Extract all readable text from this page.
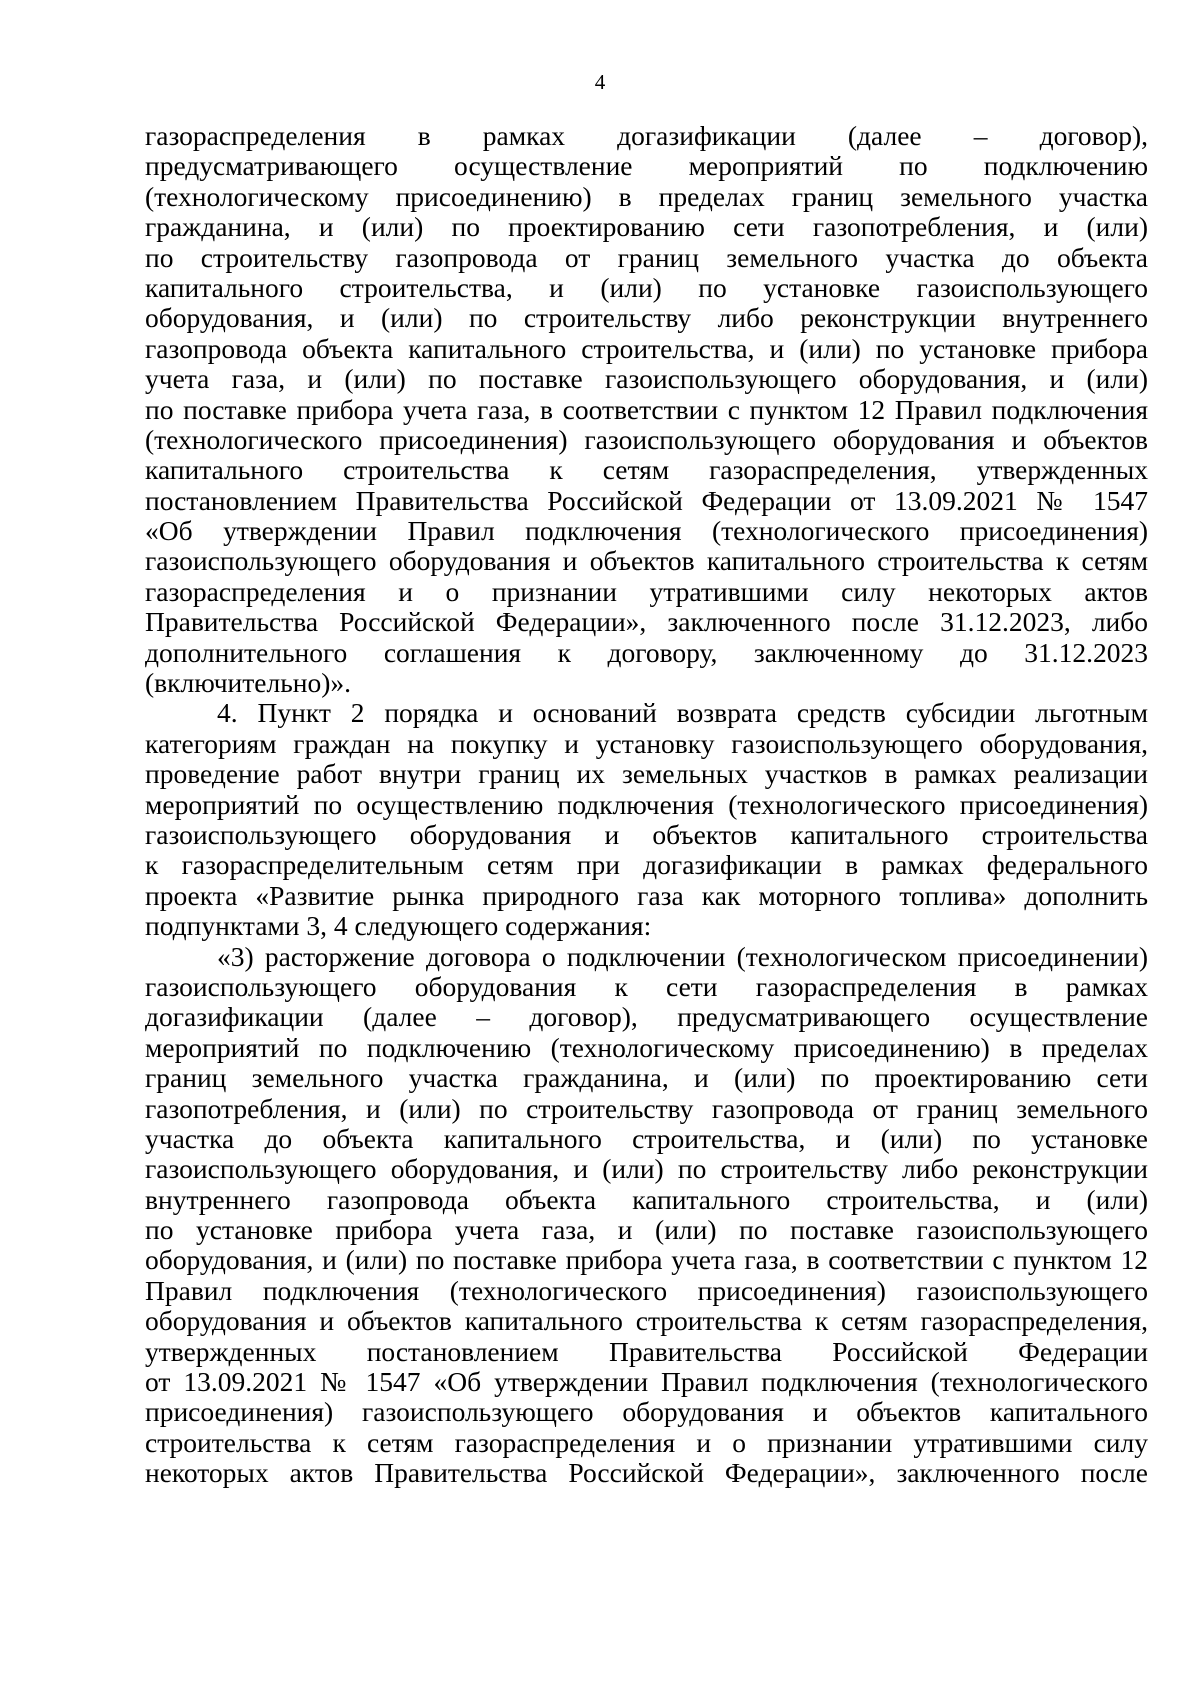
4
газораспределения в рамках догазификации (далее – договор),
предусматривающего осуществление мероприятий по подключению
(технологическому присоединению) в пределах границ земельного участка
гражданина, и (или) по проектированию сети газопотребления, и (или)
по строительству газопровода от границ земельного участка до объекта
капитального строительства, и (или) по установке газоиспользующего
оборудования, и (или) по строительству либо реконструкции внутреннего
газопровода объекта капитального строительства, и (или) по установке прибора
учета газа, и (или) по поставке газоиспользующего оборудования, и (или)
по поставке прибора учета газа, в соответствии с пунктом 12 Правил подключения
(технологического присоединения) газоиспользующего оборудования и объектов
капитального строительства к сетям газораспределения, утвержденных
постановлением Правительства Российской Федерации от 13.09.2021 № 1547
«Об утверждении Правил подключения (технологического присоединения)
газоиспользующего оборудования и объектов капитального строительства к сетям
газораспределения и о признании утратившими силу некоторых актов
Правительства Российской Федерации», заключенного после 31.12.2023, либо
дополнительного соглашения к договору, заключенному до 31.12.2023
(включительно)».
4. Пункт 2 порядка и оснований возврата средств субсидии льготным
категориям граждан на покупку и установку газоиспользующего оборудования,
проведение работ внутри границ их земельных участков в рамках реализации
мероприятий по осуществлению подключения (технологического присоединения)
газоиспользующего оборудования и объектов капитального строительства
к газораспределительным сетям при догазификации в рамках федерального
проекта «Развитие рынка природного газа как моторного топлива» дополнить
подпунктами 3, 4 следующего содержания:
«3) расторжение договора о подключении (технологическом присоединении)
газоиспользующего оборудования к сети газораспределения в рамках
догазификации (далее – договор), предусматривающего осуществление
мероприятий по подключению (технологическому присоединению) в пределах
границ земельного участка гражданина, и (или) по проектированию сети
газопотребления, и (или) по строительству газопровода от границ земельного
участка до объекта капитального строительства, и (или) по установке
газоиспользующего оборудования, и (или) по строительству либо реконструкции
внутреннего газопровода объекта капитального строительства, и (или)
по установке прибора учета газа, и (или) по поставке газоиспользующего
оборудования, и (или) по поставке прибора учета газа, в соответствии с пунктом 12
Правил подключения (технологического присоединения) газоиспользующего
оборудования и объектов капитального строительства к сетям газораспределения,
утвержденных постановлением Правительства Российской Федерации
от 13.09.2021 № 1547 «Об утверждении Правил подключения (технологического
присоединения) газоиспользующего оборудования и объектов капитального
строительства к сетям газораспределения и о признании утратившими силу
некоторых актов Правительства Российской Федерации», заключенного после
